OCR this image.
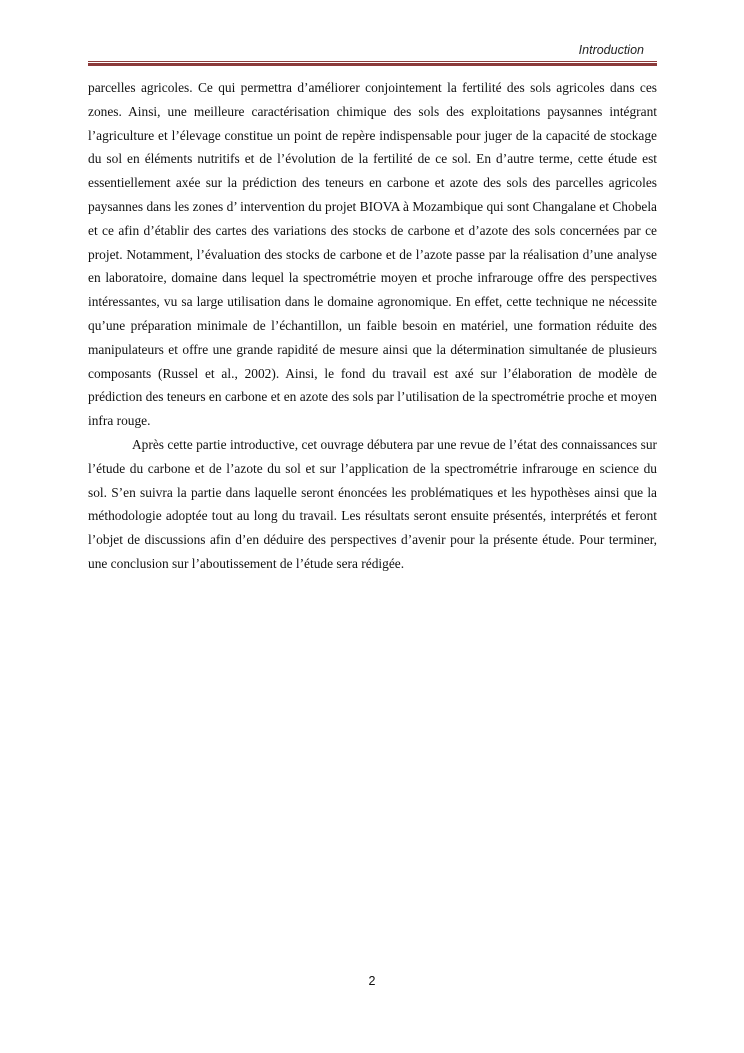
Introduction

parcelles agricoles. Ce qui permettra d’améliorer conjointement la fertilité des sols agricoles dans ces zones. Ainsi, une meilleure caractérisation chimique des sols des exploitations paysannes intégrant l’agriculture et l’élevage constitue un point de repère indispensable pour juger de la capacité de stockage du sol en éléments nutritifs et de l’évolution de la fertilité de ce sol. En d’autre terme, cette étude est essentiellement axée sur la prédiction des teneurs en carbone et azote des sols des parcelles agricoles paysannes dans les zones d’ intervention du projet BIOVA à Mozambique qui sont Changalane et Chobela et ce afin d’établir des cartes des variations des stocks de carbone et d’azote des sols concernées par ce projet. Notamment, l’évaluation des stocks de carbone et de l’azote passe par la réalisation d’une analyse en laboratoire, domaine dans lequel la spectrométrie moyen et proche infrarouge offre des perspectives intéressantes, vu sa large utilisation dans le domaine agronomique. En effet, cette technique ne nécessite qu’une préparation minimale de l’échantillon, un faible besoin en matériel, une formation réduite des manipulateurs et offre une grande rapidité de mesure ainsi que la détermination simultanée de plusieurs composants (Russel et al., 2002). Ainsi, le fond du travail est axé sur l’élaboration de modèle de prédiction des teneurs en carbone et en azote des sols par l’utilisation de la spectrométrie proche et moyen infra rouge.

Après cette partie introductive, cet ouvrage débutera par une revue de l’état des connaissances sur l’étude du carbone et de l’azote du sol et sur l’application de la spectrométrie infrarouge en science du sol. S’en suivra la partie dans laquelle seront énoncées les problématiques et les hypothèses ainsi que la méthodologie adoptée tout au long du travail. Les résultats seront ensuite présentés, interprétés et feront l’objet de discussions afin d’en déduire des perspectives d’avenir pour la présente étude. Pour terminer, une conclusion sur l’aboutissement de l’étude sera rédigée.

2
